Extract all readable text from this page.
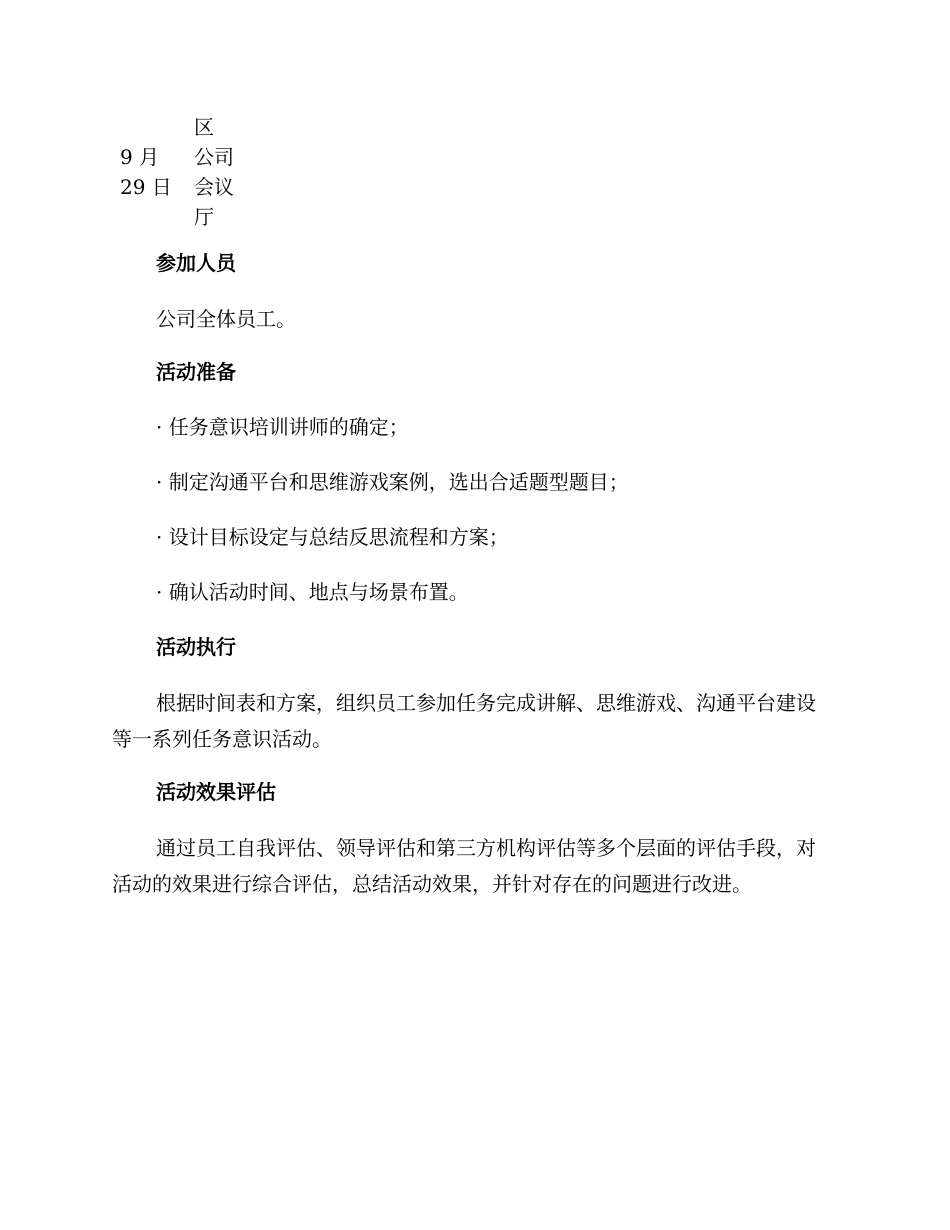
区
9 月	公司
29 日	会议
厅
参加人员
公司全体员工。
活动准备
· 任务意识培训讲师的确定；
· 制定沟通平台和思维游戏案例，选出合适题型题目；
· 设计目标设定与总结反思流程和方案；
· 确认活动时间、地点与场景布置。
活动执行
根据时间表和方案，组织员工参加任务完成讲解、思维游戏、沟通平台建设等一系列任务意识活动。
活动效果评估
通过员工自我评估、领导评估和第三方机构评估等多个层面的评估手段，对活动的效果进行综合评估，总结活动效果，并针对存在的问题进行改进。
